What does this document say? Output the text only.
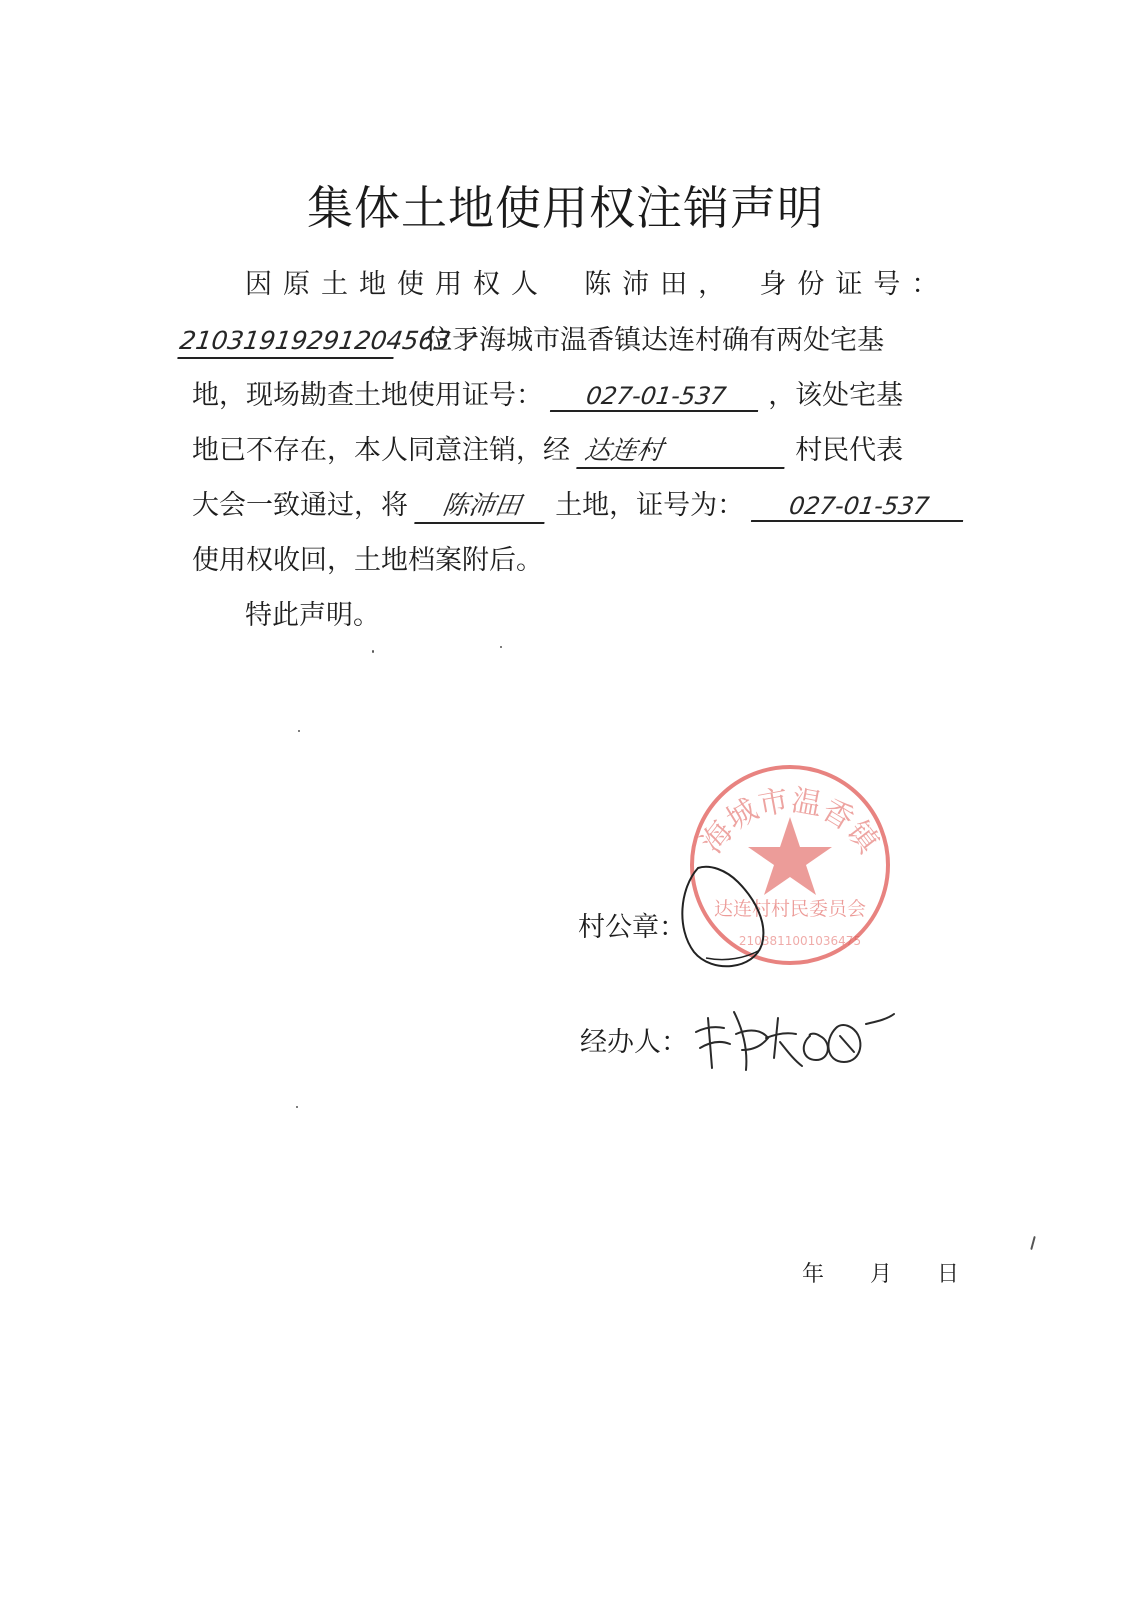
集体土地使用权注销声明
因原土地使用权人 陈沛田， 身份证号：
21031919291204563フ  位于海城市温香镇达连村确有两处宅基
地，现场勘查土地使用证号： 027-01-537 ，该处宅基
地已不存在，本人同意注销，经 达连村	村民代表
大会一致通过，将 陈沛田 土地，证号为： 027-01-537
使用权收回，土地档案附后。
特此声明。
海城市温香镇
达连村村民委员会
2103811001036475
村公章：
经办人：
年 月 日
